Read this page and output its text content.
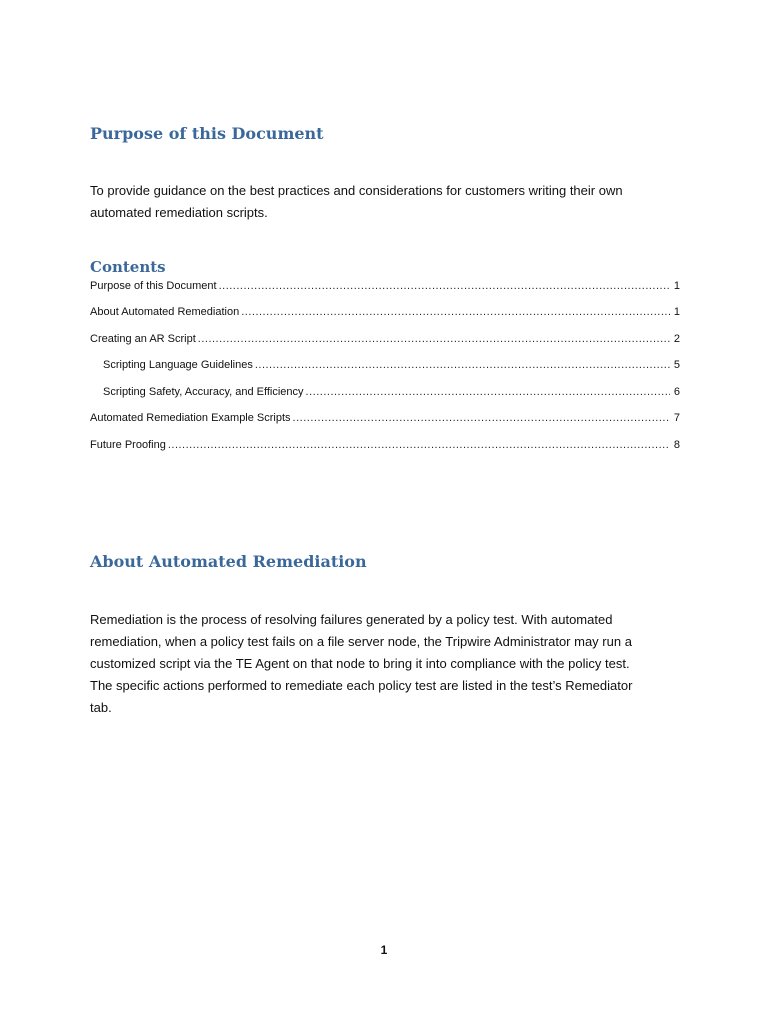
Purpose of this Document
To provide guidance on the best practices and considerations for customers writing their own
automated remediation scripts.
Contents
Purpose of this Document .....	1
About Automated Remediation .....	1
Creating an AR Script .....	2
Scripting Language Guidelines .....	5
Scripting Safety, Accuracy, and Efficiency .....	6
Automated Remediation Example Scripts .....	7
Future Proofing .....	8
About Automated Remediation
Remediation is the process of resolving failures generated by a policy test. With automated
remediation, when a policy test fails on a file server node, the Tripwire Administrator may run a
customized script via the TE Agent on that node to bring it into compliance with the policy test.
The specific actions performed to remediate each policy test are listed in the test’s Remediator
tab.
1
